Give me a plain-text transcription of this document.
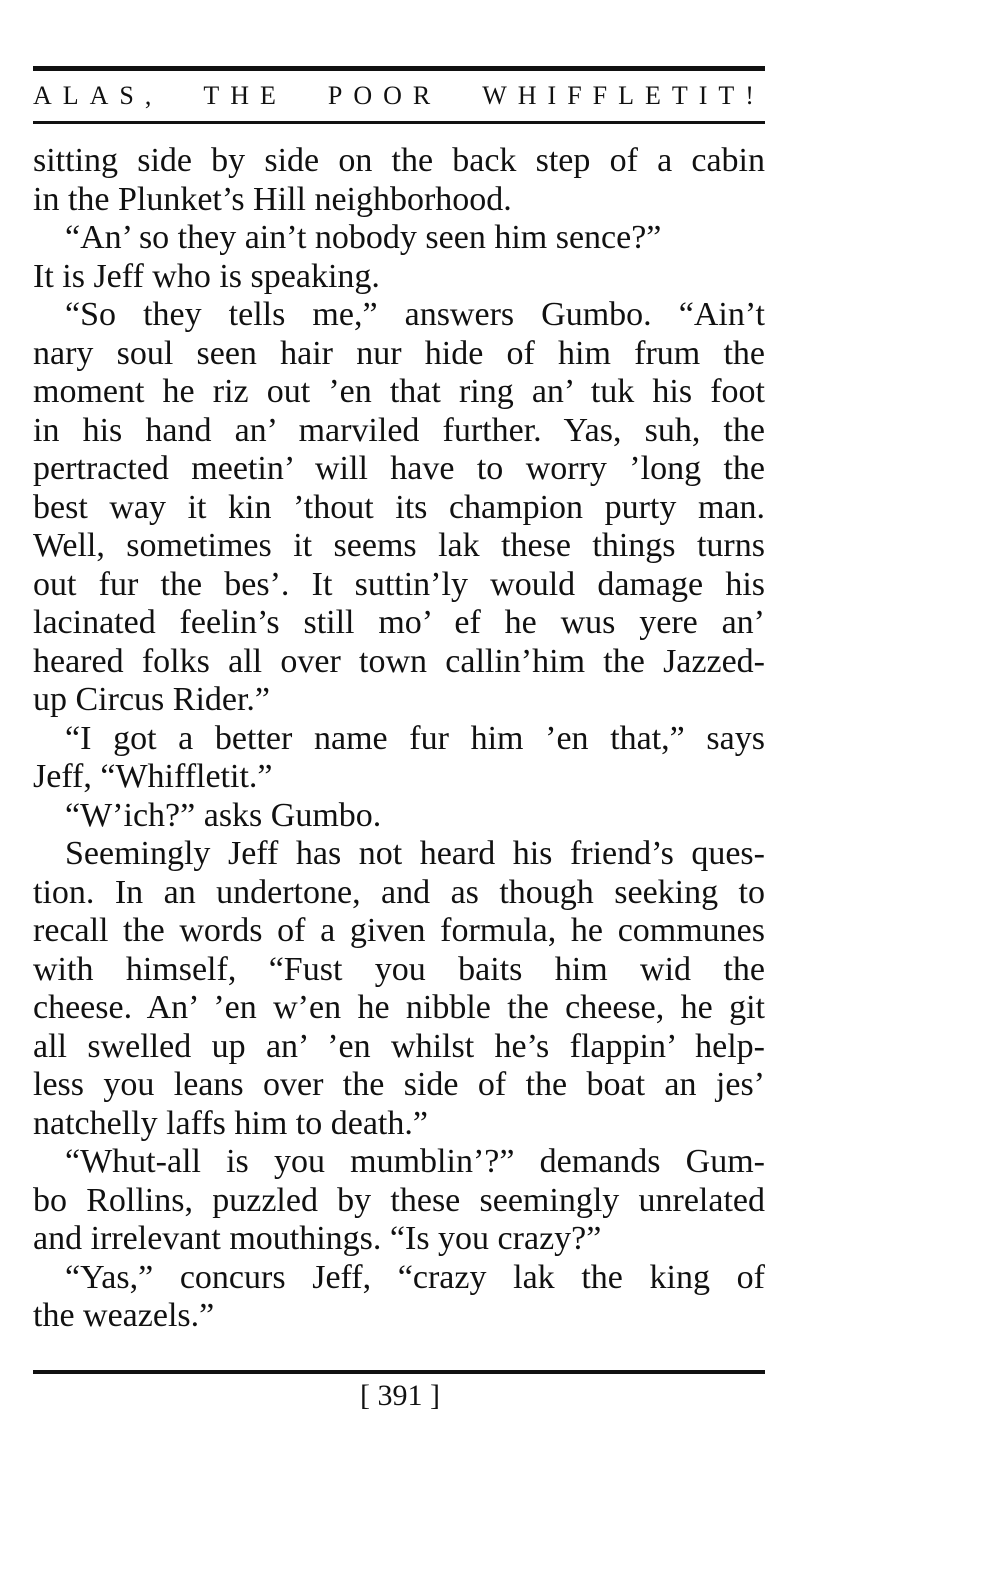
ALAS, THE POOR WHIFFLETIT!
sitting side by side on the back step of a cabin
in the Plunket’s Hill neighborhood.
“An’ so they ain’t nobody seen him sence?”
It is Jeff who is speaking.
“So they tells me,” answers Gumbo. “Ain’t
nary soul seen hair nur hide of him frum the
moment he riz out ’en that ring an’ tuk his foot
in his hand an’ marviled further. Yas, suh, the
pertracted meetin’ will have to worry ’long the
best way it kin ’thout its champion purty man.
Well, sometimes it seems lak these things turns
out fur the bes’. It suttin’ly would damage his
lacinated feelin’s still mo’ ef he wus yere an’
heared folks all over town callin’him the Jazzed-
up Circus Rider.”
“I got a better name fur him ’en that,” says
Jeff, “Whiffletit.”
“W’ich?” asks Gumbo.
Seemingly Jeff has not heard his friend’s ques-
tion. In an undertone, and as though seeking to
recall the words of a given formula, he communes
with himself, “Fust you baits him wid the
cheese. An’ ’en w’en he nibble the cheese, he git
all swelled up an’ ’en whilst he’s flappin’ help-
less you leans over the side of the boat an jes’
natchelly laffs him to death.”
“Whut-all is you mumblin’?” demands Gum-
bo Rollins, puzzled by these seemingly unrelated
and irrelevant mouthings. “Is you crazy?”
“Yas,” concurs Jeff, “crazy lak the king of
the weazels.”
[ 391 ]
